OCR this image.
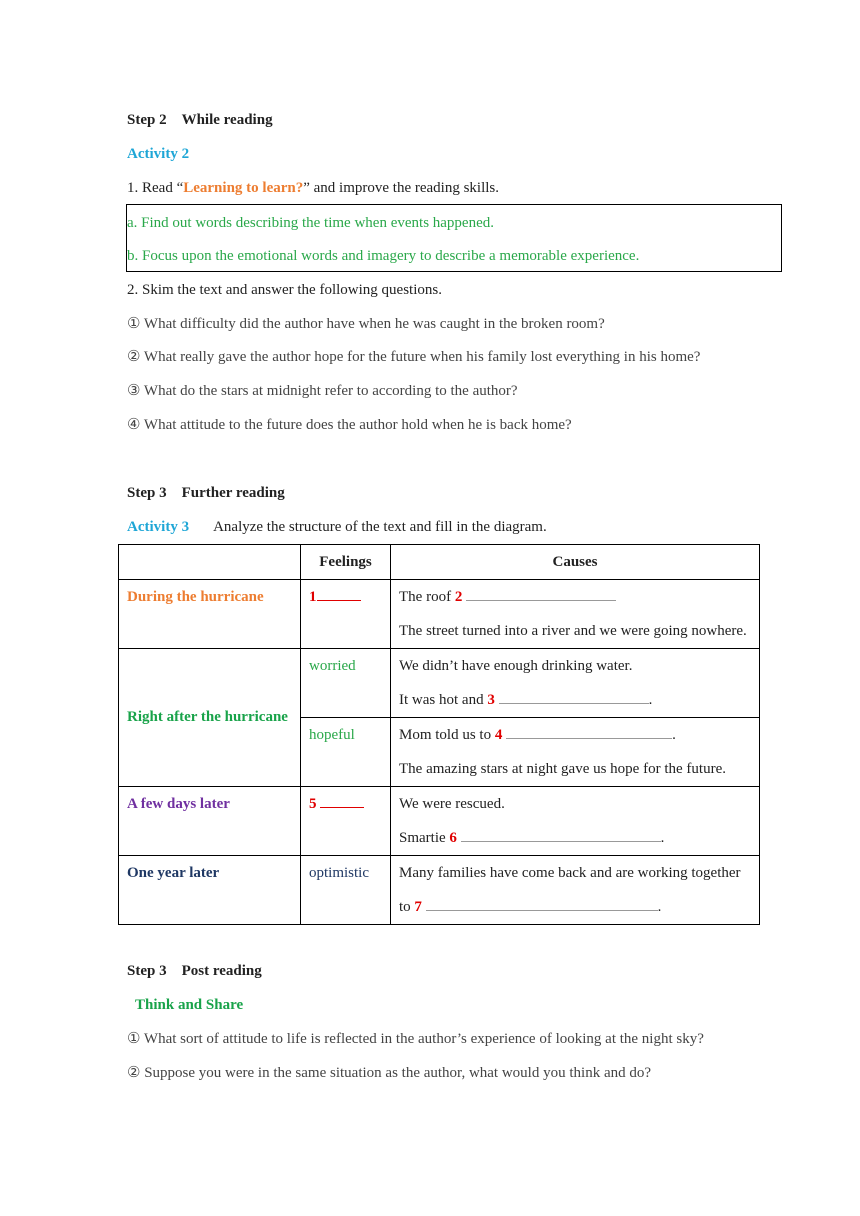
Step 2 While reading
Activity 2
1. Read “Learning to learn?” and improve the reading skills.
a. Find out words describing the time when events happened.
b. Focus upon the emotional words and imagery to describe a memorable experience.
2. Skim the text and answer the following questions.
① What difficulty did the author have when he was caught in the broken room?
② What really gave the author hope for the future when his family lost everything in his home?
③ What do the stars at midnight refer to according to the author?
④ What attitude to the future does the author hold when he is back home?
Step 3 Further reading
Activity 3 Analyze the structure of the text and fill in the diagram.
	Feelings	Causes

During the hurricane	1	The roof 2
The street turned into a river and we were going nowhere.

Right after the hurricane	worried	We didn’t have enough drinking water.
It was hot and 3 .

	hopeful	Mom told us to 4 .
The amazing stars at night gave us hope for the future.

A few days later	5	We were rescued.
Smartie 6 .

One year later	optimistic	Many families have come back and are working together
to 7 .
Step 3 Post reading
Think and Share
① What sort of attitude to life is reflected in the author’s experience of looking at the night sky?
② Suppose you were in the same situation as the author, what would you think and do?
